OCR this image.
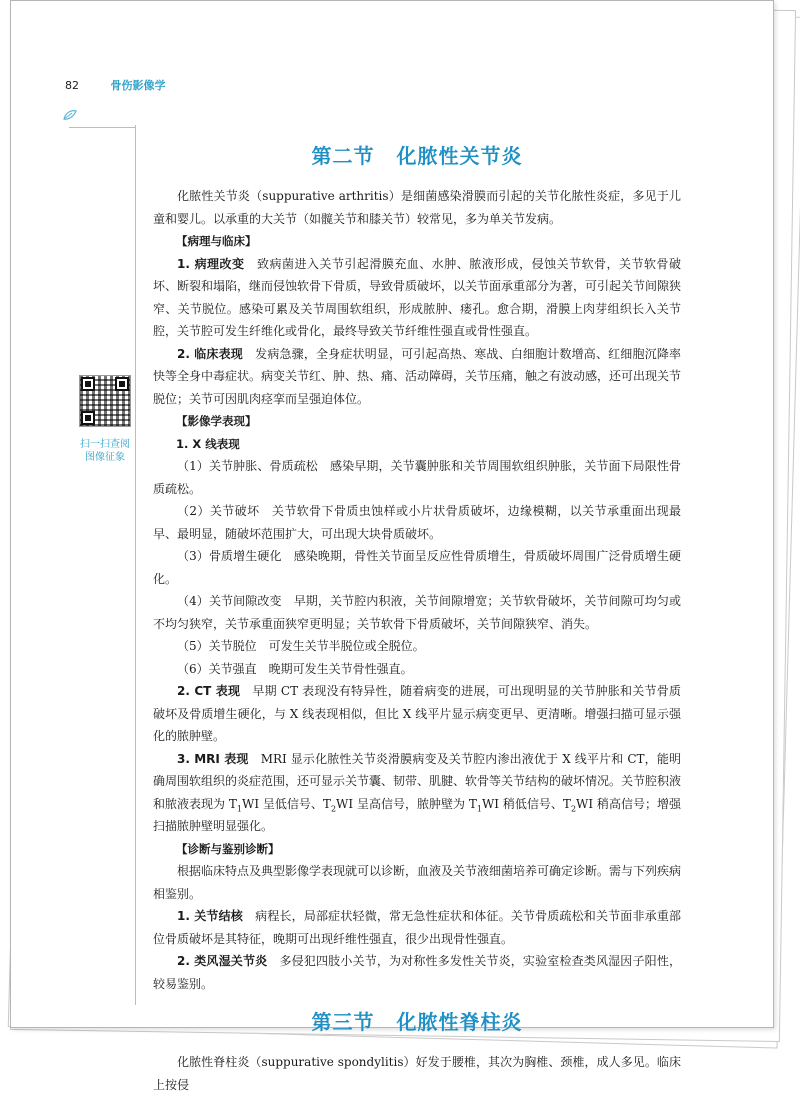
82	骨伤影像学
扫一扫查阅
图像征象
第二节 化脓性关节炎

化脓性关节炎（suppurative arthritis）是细菌感染滑膜而引起的关节化脓性炎症，多见于儿童和婴儿。以承重的大关节（如髋关节和膝关节）较常见，多为单关节发病。

【病理与临床】

1. 病理改变　 致病菌进入关节引起滑膜充血、水肿、脓液形成，侵蚀关节软骨，关节软骨破坏、断裂和塌陷，继而侵蚀软骨下骨质，导致骨质破坏，以关节面承重部分为著，可引起关节间隙狭窄、关节脱位。感染可累及关节周围软组织，形成脓肿、瘘孔。愈合期，滑膜上肉芽组织长入关节腔，关节腔可发生纤维化或骨化，最终导致关节纤维性强直或骨性强直。

2. 临床表现　 发病急骤，全身症状明显，可引起高热、寒战、白细胞计数增高、红细胞沉降率快等全身中毒症状。病变关节红、肿、热、痛、活动障碍，关节压痛，触之有波动感，还可出现关节脱位；关节可因肌肉痉挛而呈强迫体位。

【影像学表现】

1. X 线表现

（1）关节肿胀、骨质疏松　感染早期，关节囊肿胀和关节周围软组织肿胀，关节面下局限性骨质疏松。

（2）关节破坏　关节软骨下骨质虫蚀样或小片状骨质破坏，边缘模糊，以关节承重面出现最早、最明显，随破坏范围扩大，可出现大块骨质破坏。

（3）骨质增生硬化　感染晚期，骨性关节面呈反应性骨质增生，骨质破坏周围广泛骨质增生硬化。

（4）关节间隙改变　早期，关节腔内积液，关节间隙增宽；关节软骨破坏，关节间隙可均匀或不均匀狭窄，关节承重面狭窄更明显；关节软骨下骨质破坏，关节间隙狭窄、消失。

（5）关节脱位　可发生关节半脱位或全脱位。

（6）关节强直　晚期可发生关节骨性强直。

2. CT 表现　 早期 CT 表现没有特异性，随着病变的进展，可出现明显的关节肿胀和关节骨质破坏及骨质增生硬化，与 X 线表现相似，但比 X 线平片显示病变更早、更清晰。增强扫描可显示强化的脓肿壁。

3. MRI 表现　 MRI 显示化脓性关节炎滑膜病变及关节腔内渗出液优于 X 线平片和 CT，能明确周围软组织的炎症范围，还可显示关节囊、韧带、肌腱、软骨等关节结构的破坏情况。关节腔积液和脓液表现为 $T_1WI$ 呈低信号、$T_2WI$ 呈高信号，脓肿壁为 $T_1WI$ 稍低信号、$T_2WI$ 稍高信号；增强扫描脓肿壁明显强化。

【诊断与鉴别诊断】

根据临床特点及典型影像学表现就可以诊断，血液及关节液细菌培养可确定诊断。需与下列疾病相鉴别。

1. 关节结核　 病程长，局部症状轻微，常无急性症状和体征。关节骨质疏松和关节面非承重部位骨质破坏是其特征，晚期可出现纤维性强直，很少出现骨性强直。

2. 类风湿关节炎　 多侵犯四肢小关节，为对称性多发性关节炎，实验室检查类风湿因子阳性，较易鉴别。

第三节 化脓性脊柱炎

化脓性脊柱炎（suppurative spondylitis）好发于腰椎，其次为胸椎、颈椎，成人多见。临床上按侵
